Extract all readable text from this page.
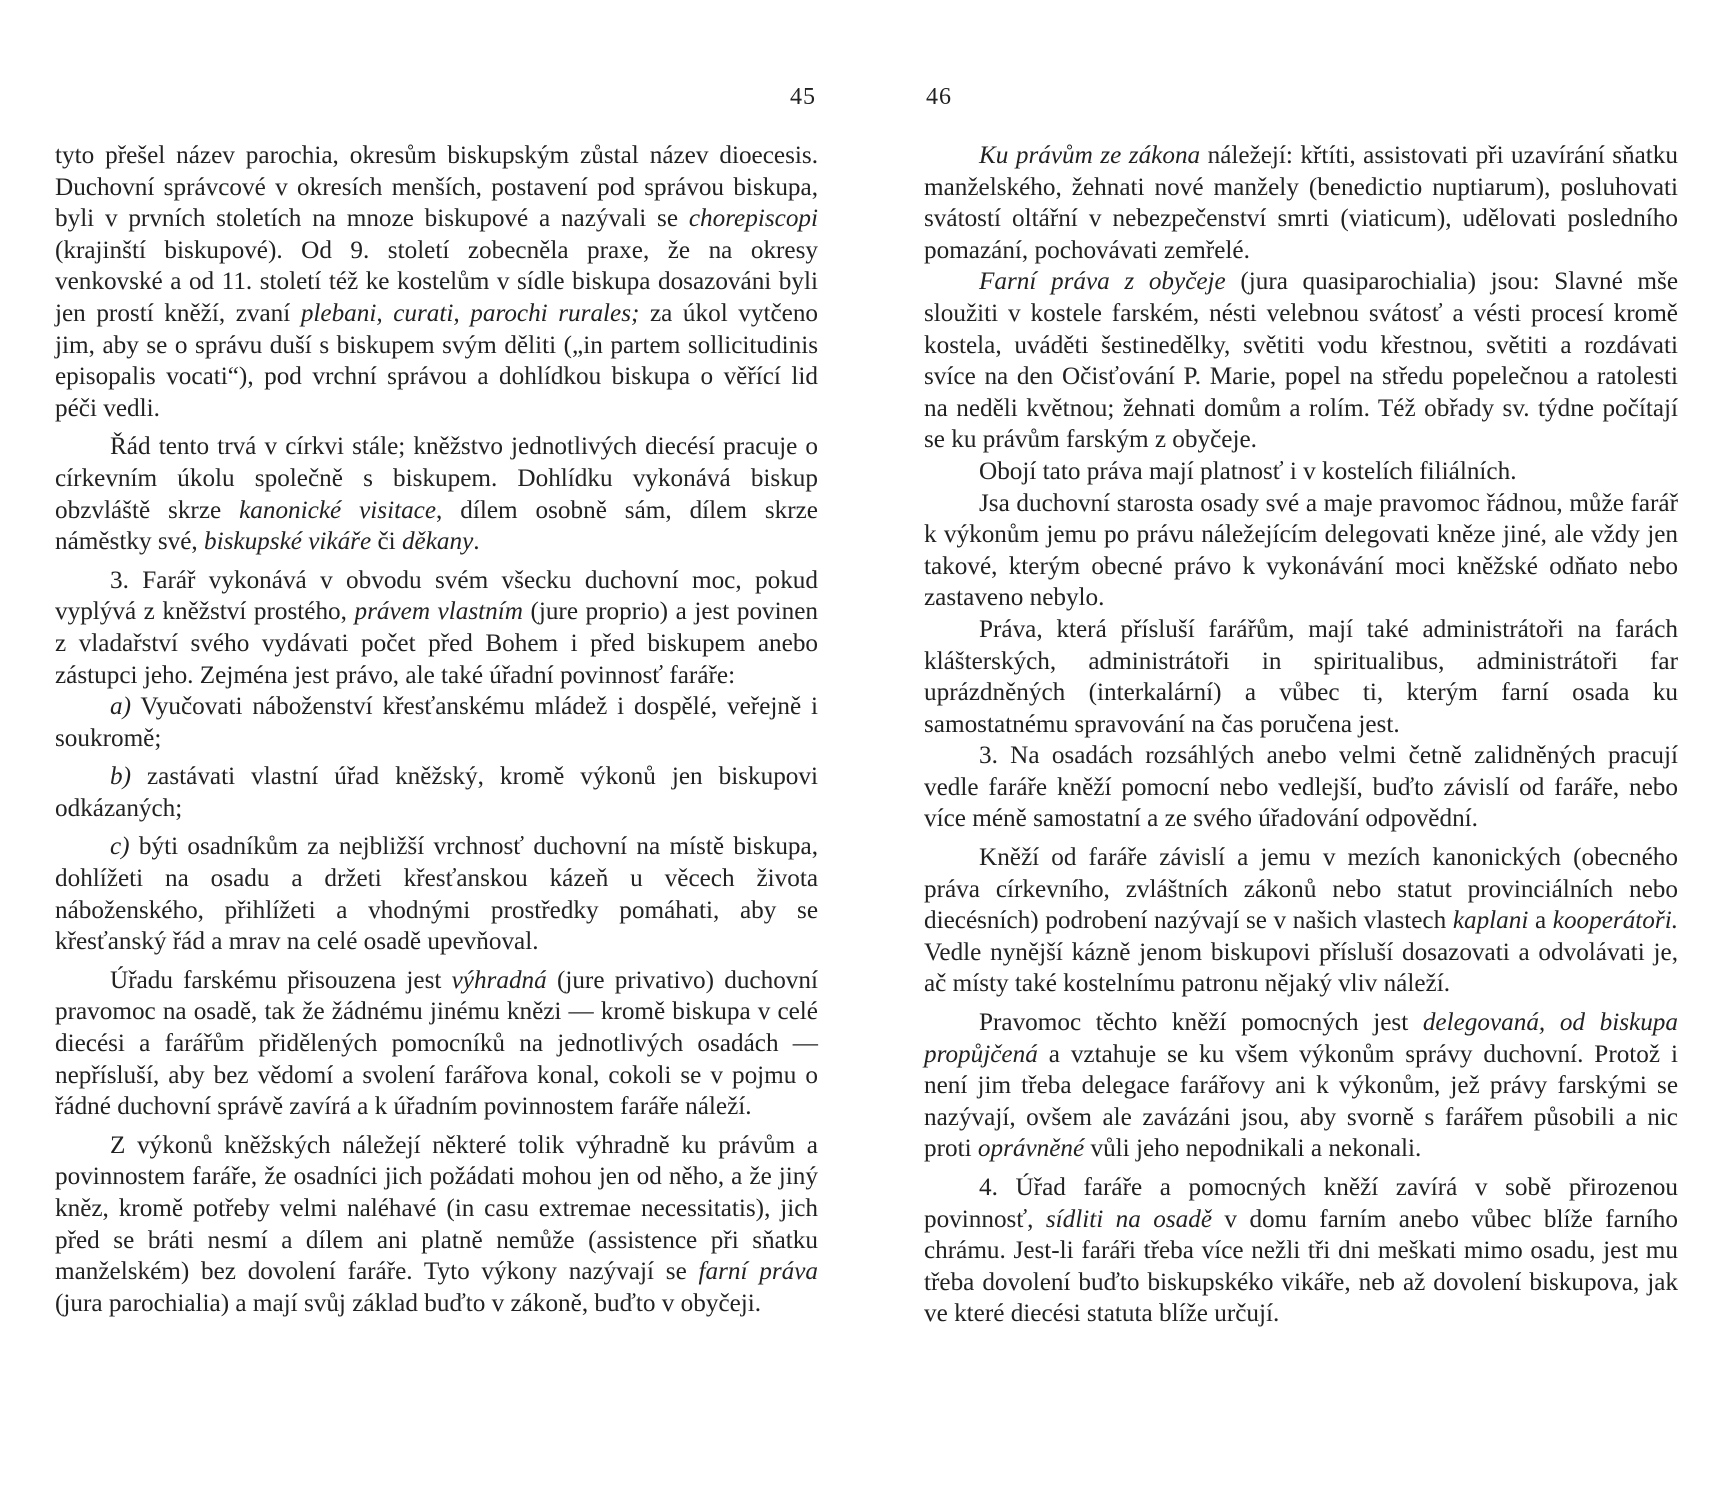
45

tyto přešel název parochia, okresům biskupským zůstal název dioecesis. Duchovní správcové v okresích menších, postavení pod správou biskupa, byli v prvních stoletích na mnoze biskupové a nazývali se chorepiscopi (krajinští biskupové). Od 9. století zobecněla praxe, že na okresy venkovské a od 11. století též ke kostelům v sídle biskupa dosazováni byli jen prostí kněží, zvaní plebani, curati, parochi rurales; za úkol vytčeno jim, aby se o správu duší s biskupem svým děliti („in partem sollicitudinis episopalis vocati“), pod vrchní správou a dohlídkou biskupa o věřící lid péči vedli.

Řád tento trvá v církvi stále; kněžstvo jednotlivých diecésí pracuje o církevním úkolu společně s biskupem. Dohlídku vykonává biskup obzvláště skrze kanonické visitace, dílem osobně sám, dílem skrze náměstky své, biskupské vikáře či děkany.

3. Farář vykonává v obvodu svém všecku duchovní moc, pokud vyplývá z kněžství prostého, právem vlastním (jure proprio) a jest povinen z vladařství svého vydávati počet před Bohem i před biskupem anebo zástupci jeho. Zejména jest právo, ale také úřadní povinnosť faráře:

a) Vyučovati náboženství křesťanskému mládež i dospělé, veřejně i soukromě;

b) zastávati vlastní úřad kněžský, kromě výkonů jen biskupovi odkázaných;

c) býti osadníkům za nejbližší vrchnosť duchovní na místě biskupa, dohlížeti na osadu a držeti křesťanskou kázeň u věcech života náboženského, přihlížeti a vhodnými prostředky pomáhati, aby se křesťanský řád a mrav na celé osadě upevňoval.

Úřadu farskému přisouzena jest výhradná (jure privativo) duchovní pravomoc na osadě, tak že žádnému jinému knězi — kromě biskupa v celé diecési a farářům přidělených pomocníků na jednotlivých osadách — nepřísluší, aby bez vědomí a svolení farářova konal, cokoli se v pojmu o řádné duchovní správě zavírá a k úřadním povinnostem faráře náleží.

Z výkonů kněžských náležejí některé tolik výhradně ku právům a povinnostem faráře, že osadníci jich požádati mohou jen od něho, a že jiný kněz, kromě potřeby velmi naléhavé (in casu extremae necessitatis), jich před se bráti nesmí a dílem ani platně nemůže (assistence při sňatku manželském) bez dovolení faráře. Tyto výkony nazývají se farní práva (jura parochialia) a mají svůj základ buďto v zákoně, buďto v obyčeji.

46

Ku právům ze zákona náležejí: křtíti, assistovati při uzavírání sňatku manželského, žehnati nové manžely (benedictio nuptiarum), posluhovati svátostí oltářní v nebezpečenství smrti (viaticum), udělovati posledního pomazání, pochovávati zemřelé.

Farní práva z obyčeje (jura quasiparochialia) jsou: Slavné mše sloužiti v kostele farském, nésti velebnou svátosť a vésti procesí kromě kostela, uváděti šestinedělky, světiti vodu křestnou, světiti a rozdávati svíce na den Očisťování P. Marie, popel na středu popelečnou a ratolesti na neděli květnou; žehnati domům a rolím. Též obřady sv. týdne počítají se ku právům farským z obyčeje.

Obojí tato práva mají platnosť i v kostelích filiálních.

Jsa duchovní starosta osady své a maje pravomoc řádnou, může farář k výkonům jemu po právu náležejícím delegovati kněze jiné, ale vždy jen takové, kterým obecné právo k vykonávání moci kněžské odňato nebo zastaveno nebylo.

Práva, která přísluší farářům, mají také administrátoři na farách klášterských, administrátoři in spiritualibus, administrátoři far uprázdněných (interkalární) a vůbec ti, kterým farní osada ku samostatnému spravování na čas poručena jest.

3. Na osadách rozsáhlých anebo velmi četně zalidněných pracují vedle faráře kněží pomocní nebo vedlejší, buďto závislí od faráře, nebo více méně samostatní a ze svého úřadování odpovědní.

Kněží od faráře závislí a jemu v mezích kanonických (obecného práva církevního, zvláštních zákonů nebo statut provinciálních nebo diecésních) podrobení nazývají se v našich vlastech kaplani a kooperátoři. Vedle nynější kázně jenom biskupovi přísluší dosazovati a odvolávati je, ač místy také kostelnímu patronu nějaký vliv náleží.

Pravomoc těchto kněží pomocných jest delegovaná, od biskupa propůjčená a vztahuje se ku všem výkonům správy duchovní. Protož i není jim třeba delegace farářovy ani k výkonům, jež právy farskými se nazývají, ovšem ale zavázáni jsou, aby svorně s farářem působili a nic proti oprávněné vůli jeho nepodnikali a nekonali.

4. Úřad faráře a pomocných kněží zavírá v sobě přirozenou povinnosť, sídliti na osadě v domu farním anebo vůbec blíže farního chrámu. Jest-li faráři třeba více nežli tři dni meškati mimo osadu, jest mu třeba dovolení buďto biskupskéko vikáře, neb až dovolení biskupova, jak ve které diecési statuta blíže určují.
